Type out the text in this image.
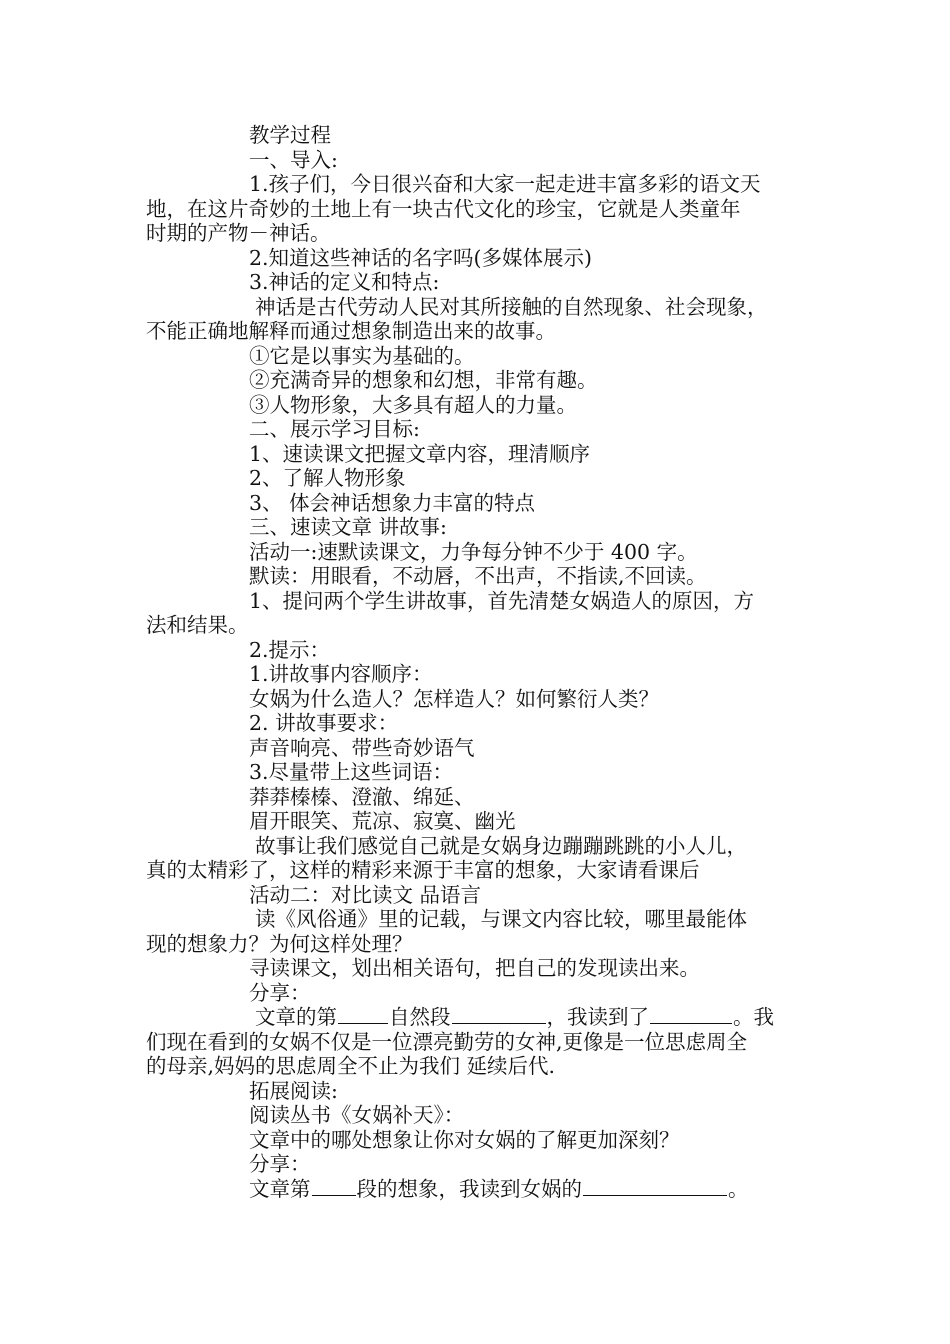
教学过程
一、导入:
1.孩子们，今日很兴奋和大家一起走进丰富多彩的语文天
地，在这片奇妙的土地上有一块古代文化的珍宝，它就是人类童年
时期的产物－神话。
2.知道这些神话的名字吗(多媒体展示)
3.神话的定义和特点:
神话是古代劳动人民对其所接触的自然现象、社会现象，
不能正确地解释而通过想象制造出来的故事。
①它是以事实为基础的。
②充满奇异的想象和幻想，非常有趣。
③人物形象，大多具有超人的力量。
二、展示学习目标:
1、速读课文把握文章内容，理清顺序
2、了解人物形象
3、 体会神话想象力丰富的特点
三、速读文章 讲故事:
活动一:速默读课文，力争每分钟不少于 400 字。
默读：用眼看，不动唇，不出声，不指读,不回读。
1、提问两个学生讲故事，首先清楚女娲造人的原因，方
法和结果。
2.提示：
1.讲故事内容顺序：
女娲为什么造人？怎样造人？如何繁衍人类？
2. 讲故事要求：
声音响亮、带些奇妙语气
3.尽量带上这些词语：
莽莽榛榛、澄澈、绵延、
眉开眼笑、荒凉、寂寞、幽光
故事让我们感觉自己就是女娲身边蹦蹦跳跳的小人儿，
真的太精彩了，这样的精彩来源于丰富的想象，大家请看课后
活动二：对比读文 品语言
读《风俗通》里的记载，与课文内容比较，哪里最能体
现的想象力？为何这样处理？
寻读课文，划出相关语句，把自己的发现读出来。
分享：
文章的第	自然段	，我读到了	。我
们现在看到的女娲不仅是一位漂亮勤劳的女神,更像是一位思虑周全
的母亲,妈妈的思虑周全不止为我们 延续后代.
拓展阅读:
阅读丛书《女娲补天》：
文章中的哪处想象让你对女娲的了解更加深刻？
分享：
文章第 段的想象，我读到女娲的	。
